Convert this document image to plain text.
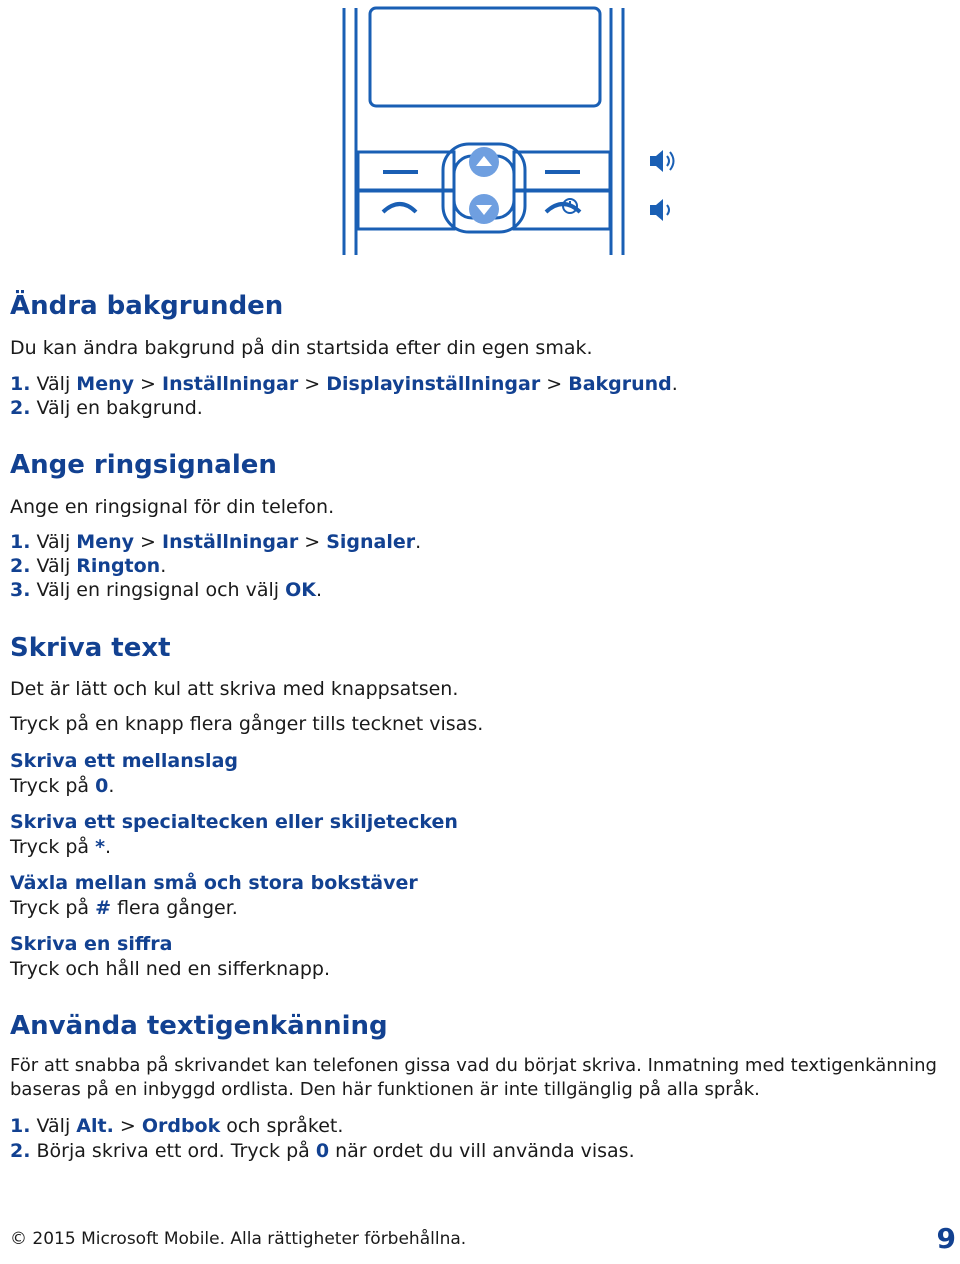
Ändra bakgrunden
Du kan ändra bakgrund på din startsida efter din egen smak.
1. Välj Meny > Inställningar > Displayinställningar > Bakgrund.
2. Välj en bakgrund.
Ange ringsignalen
Ange en ringsignal för din telefon.
1. Välj Meny > Inställningar > Signaler.
2. Välj Rington.
3. Välj en ringsignal och välj OK.
Skriva text
Det är lätt och kul att skriva med knappsatsen.
Tryck på en knapp flera gånger tills tecknet visas.
Skriva ett mellanslag
Tryck på 0.
Skriva ett specialtecken eller skiljetecken
Tryck på *.
Växla mellan små och stora bokstäver
Tryck på # flera gånger.
Skriva en siffra
Tryck och håll ned en sifferknapp.
Använda textigenkänning
För att snabba på skrivandet kan telefonen gissa vad du börjat skriva. Inmatning med textigenkänning baseras på en inbyggd ordlista. Den här funktionen är inte tillgänglig på alla språk.
1. Välj Alt. > Ordbok och språket.
2. Börja skriva ett ord. Tryck på 0 när ordet du vill använda visas.
© 2015 Microsoft Mobile. Alla rättigheter förbehållna.	9
